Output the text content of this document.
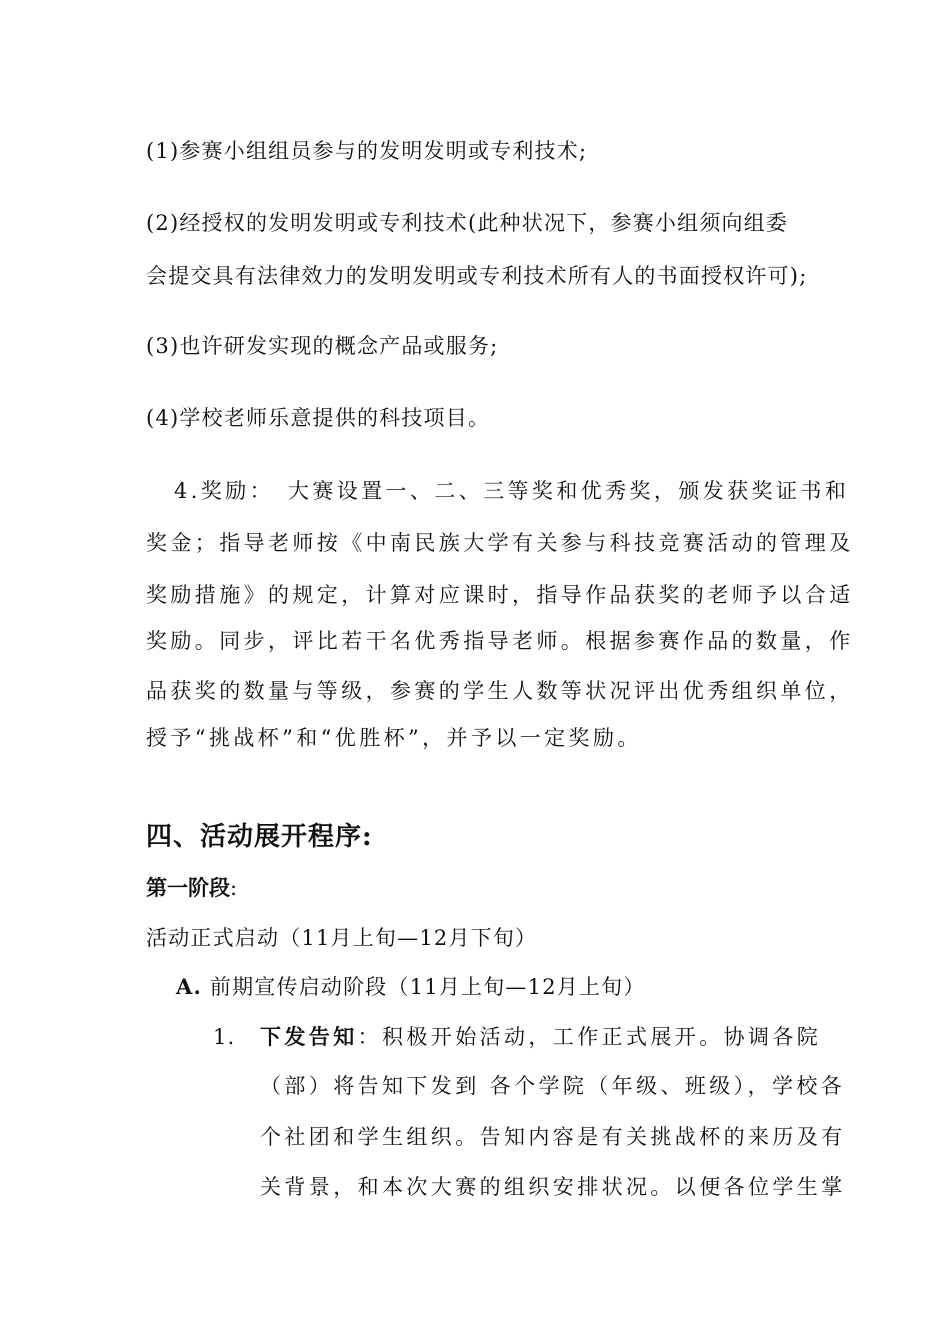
(1)参赛小组组员参与的发明发明或专利技术;
(2)经授权的发明发明或专利技术(此种状况下，参赛小组须向组委
会提交具有法律效力的发明发明或专利技术所有人的书面授权许可);
(3)也许研发实现的概念产品或服务;
(4)学校老师乐意提供的科技项目。
4.奖励：　大赛设置一、二、三等奖和优秀奖，颁发获奖证书和
奖金；指导老师按《中南民族大学有关参与科技竞赛活动的管理及
奖励措施》的规定，计算对应课时，指导作品获奖的老师予以合适
奖励。同步，评比若干名优秀指导老师。根据参赛作品的数量，作
品获奖的数量与等级，参赛的学生人数等状况评出优秀组织单位，
授予“挑战杯”和“优胜杯”，并予以一定奖励。
四、活动展开程序:
第一阶段:
活动正式启动（11月上旬—12月下旬）
A. 前期宣传启动阶段（11月上旬—12月上旬）
1. 下发告知：积极开始活动，工作正式展开。协调各院
（部）将告知下发到 各个学院（年级、班级），学校各
个社团和学生组织。告知内容是有关挑战杯的来历及有
关背景，和本次大赛的组织安排状况。以便各位学生掌
